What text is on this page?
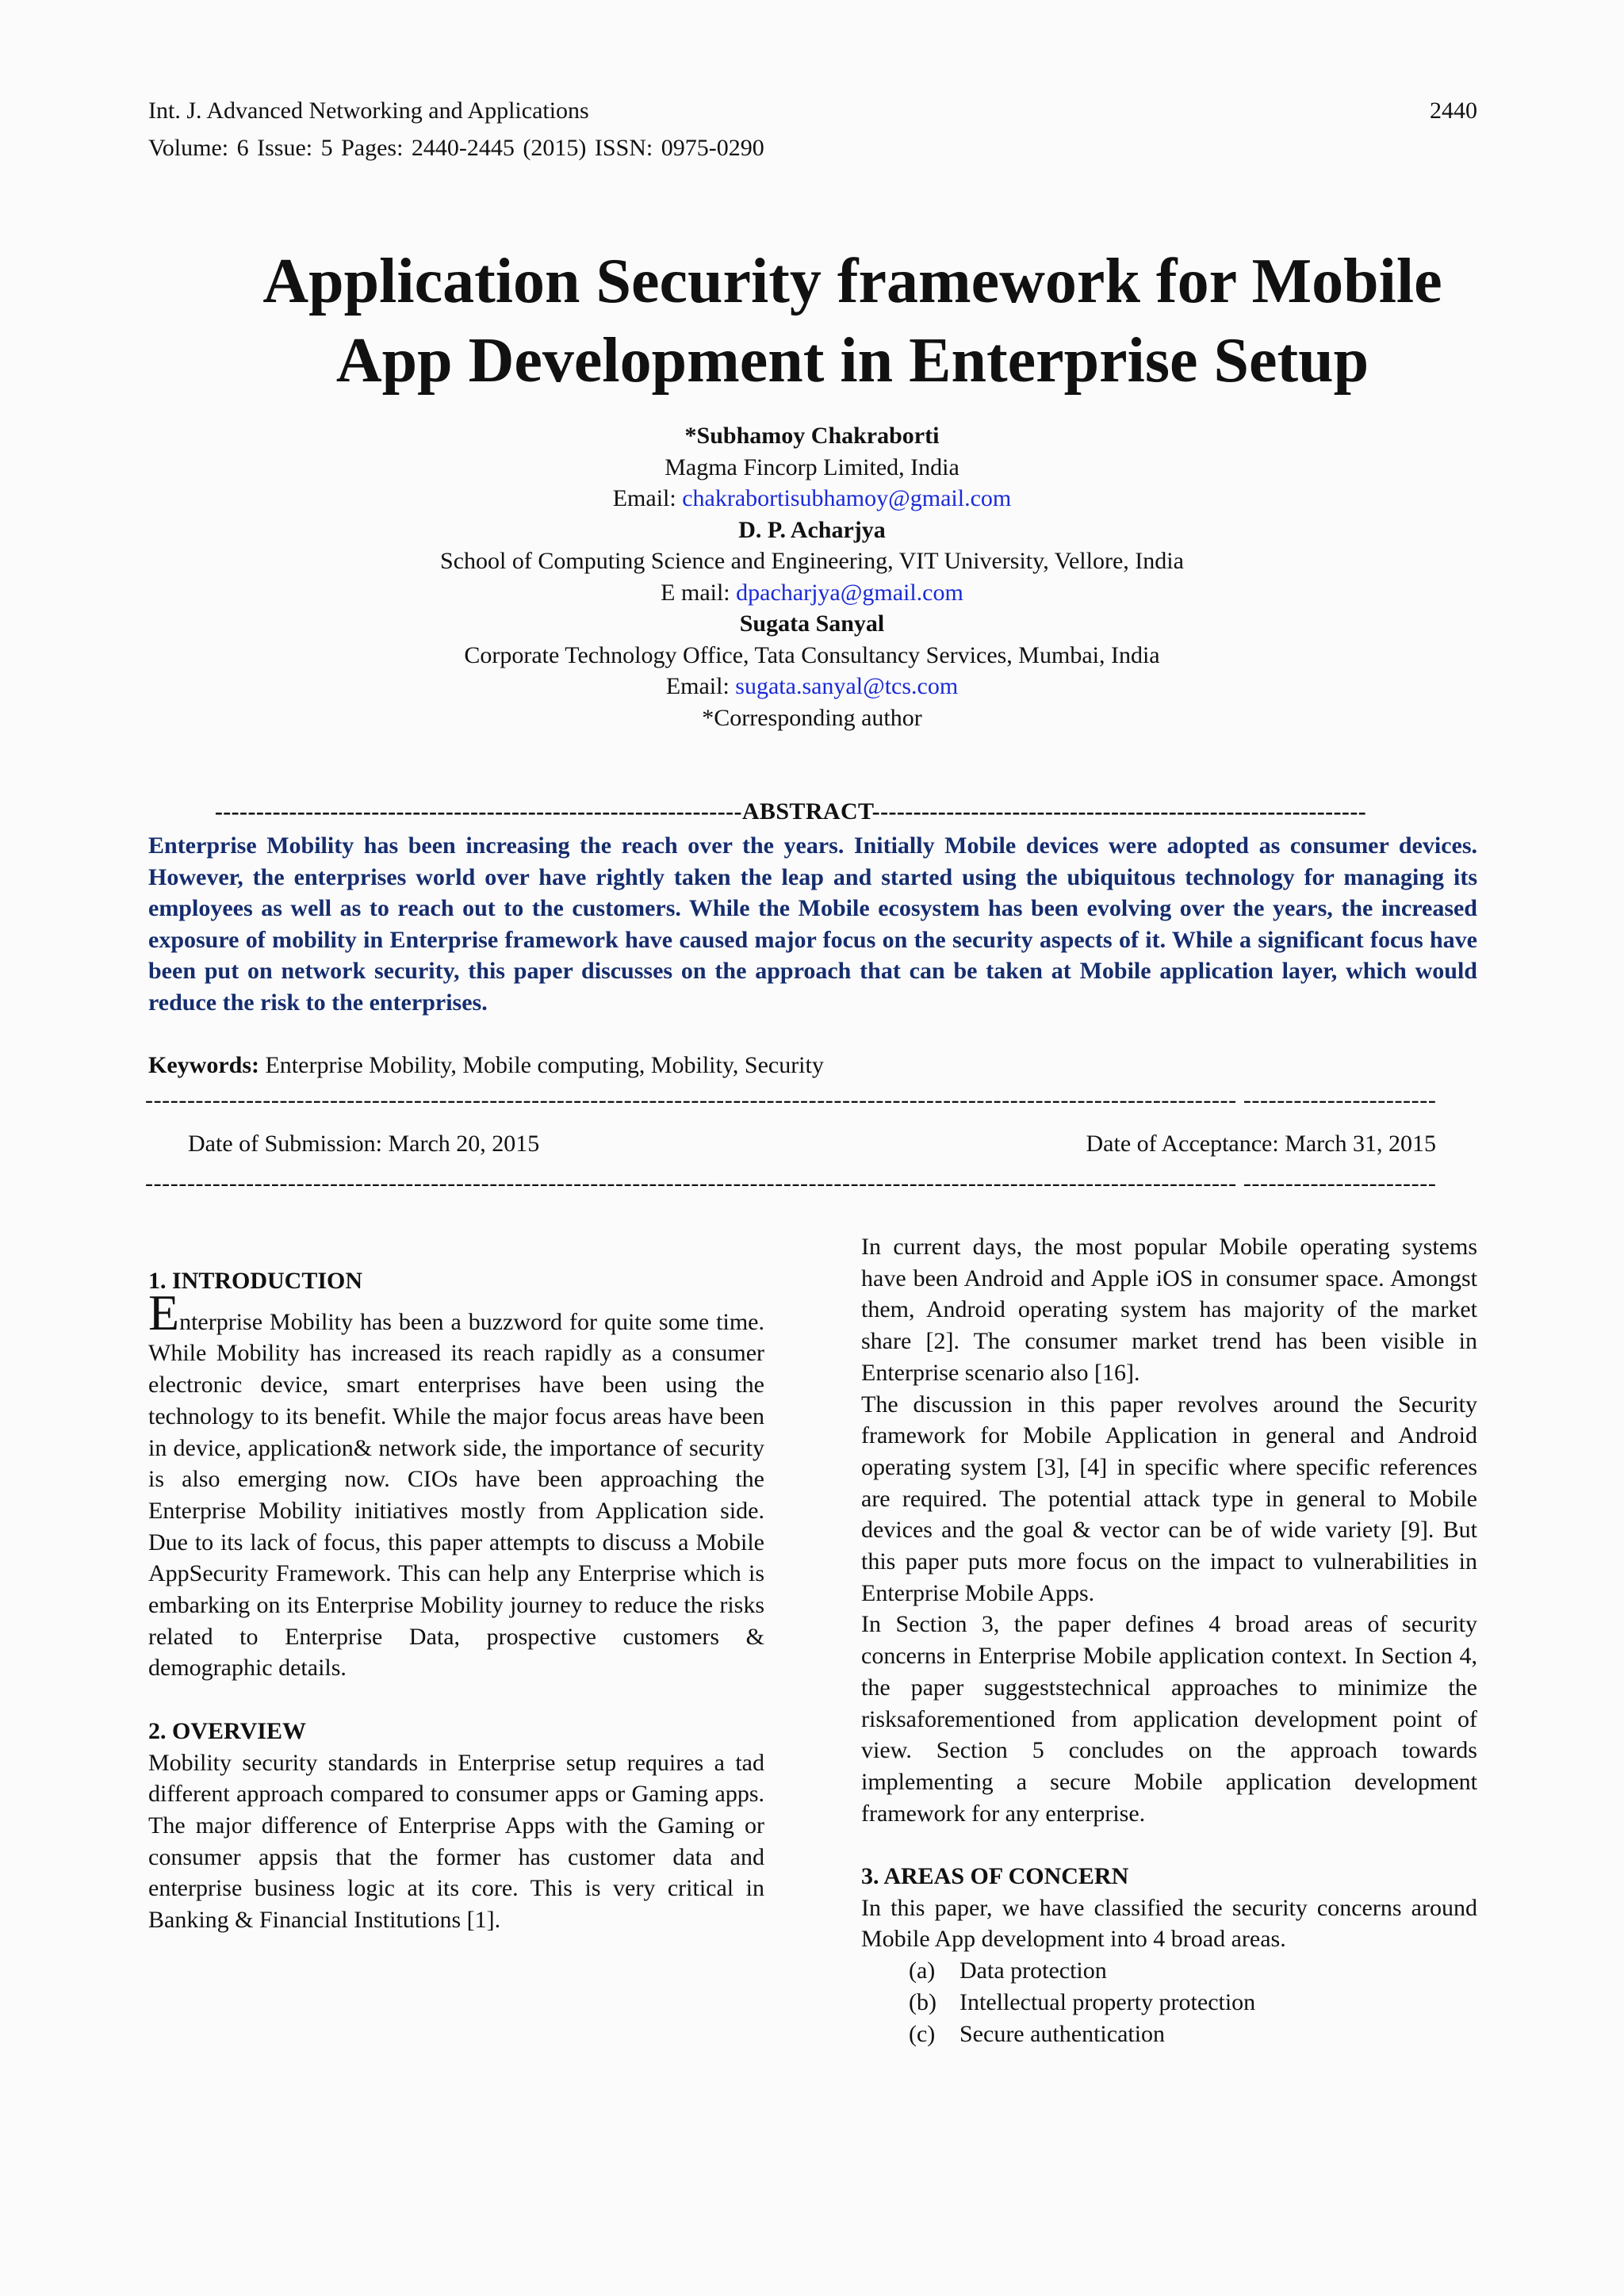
Int. J. Advanced Networking and Applications	2440
Volume: 6 Issue: 5 Pages: 2440-2445 (2015) ISSN: 0975-0290
Application Security framework for Mobile
App Development in Enterprise Setup
*Subhamoy Chakraborti
Magma Fincorp Limited, India
Email: chakrabortisubhamoy@gmail.com
D. P. Acharjya
School of Computing Science and Engineering, VIT University, Vellore, India
E mail: dpacharjya@gmail.com
Sugata Sanyal
Corporate Technology Office, Tata Consultancy Services, Mumbai, India
Email: sugata.sanyal@tcs.com
*Corresponding author
----------------------------------------------------------------ABSTRACT------------------------------------------------------------
Enterprise Mobility has been increasing the reach over the years. Initially Mobile devices were adopted as consumer devices. However, the enterprises world over have rightly taken the leap and started using the ubiquitous technology for managing its employees as well as to reach out to the customers. While the Mobile ecosystem has been evolving over the years, the increased exposure of mobility in Enterprise framework have caused major focus on the security aspects of it. While a significant focus have been put on network security, this paper discusses on the approach that can be taken at Mobile application layer, which would reduce the risk to the enterprises.
Keywords: Enterprise Mobility, Mobile computing, Mobility, Security
---------------------------------------------------------------------------------------------------------------------------------- -----------------------
Date of Submission: March 20, 2015	Date of Acceptance: March 31, 2015
---------------------------------------------------------------------------------------------------------------------------------- -----------------------

1. INTRODUCTION

Enterprise Mobility has been a buzzword for quite some time. While Mobility has increased its reach rapidly as a consumer electronic device, smart enterprises have been using the technology to its benefit. While the major focus areas have been in device, application& network side, the importance of security is also emerging now. CIOs have been approaching the Enterprise Mobility initiatives mostly from Application side. Due to its lack of focus, this paper attempts to discuss a Mobile AppSecurity Framework. This can help any Enterprise which is embarking on its Enterprise Mobility journey to reduce the risks related to Enterprise Data, prospective customers & demographic details.

2. OVERVIEW

Mobility security standards in Enterprise setup requires a tad different approach compared to consumer apps or Gaming apps. The major difference of Enterprise Apps with the Gaming or consumer appsis that the former has customer data and enterprise business logic at its core. This is very critical in Banking & Financial Institutions [1].

In current days, the most popular Mobile operating systems have been Android and Apple iOS in consumer space. Amongst them, Android operating system has majority of the market share [2]. The consumer market trend has been visible in Enterprise scenario also [16].

The discussion in this paper revolves around the Security framework for Mobile Application in general and Android operating system [3], [4] in specific where specific references are required. The potential attack type in general to Mobile devices and the goal & vector can be of wide variety [9]. But this paper puts more focus on the impact to vulnerabilities in Enterprise Mobile Apps.

In Section 3, the paper defines 4 broad areas of security concerns in Enterprise Mobile application context. In Section 4, the paper suggeststechnical approaches to minimize the risksaforementioned from application development point of view. Section 5 concludes on the approach towards implementing a secure Mobile application development framework for any enterprise.

3. AREAS OF CONCERN

In this paper, we have classified the security concerns around Mobile App development into 4 broad areas.

(a) Data protection
(b) Intellectual property protection
(c) Secure authentication
